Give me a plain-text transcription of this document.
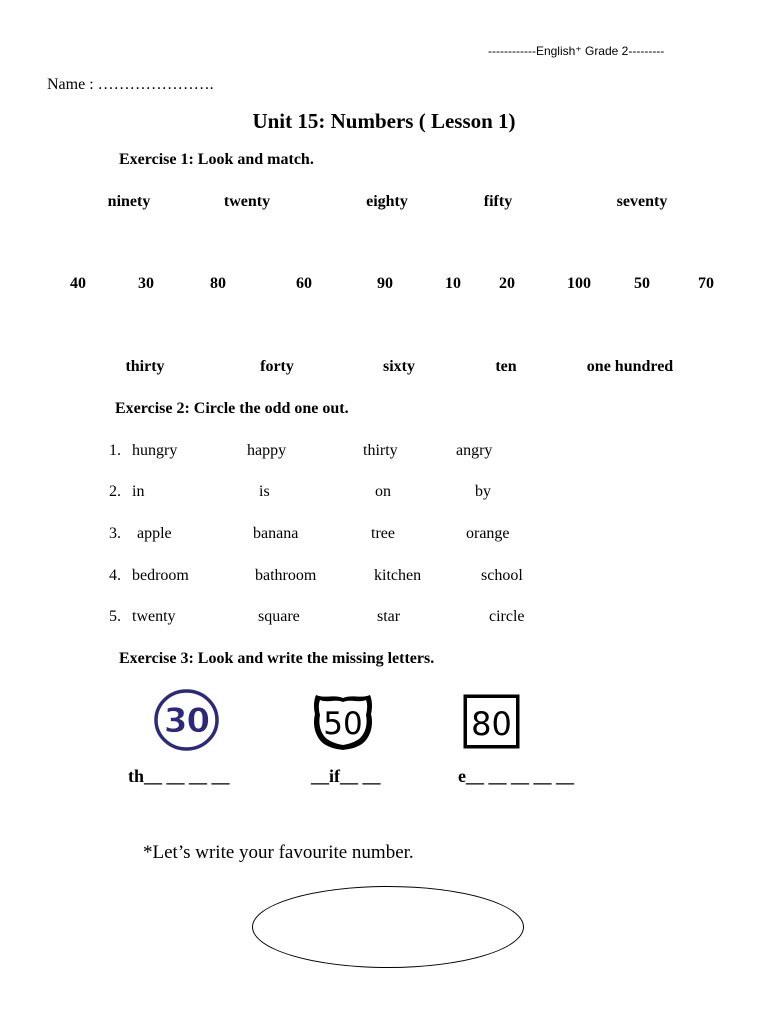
------------English⁺ Grade 2---------
Name : ………………….
Unit 15: Numbers ( Lesson 1)
Exercise 1: Look and match.
ninety	twenty	eighty	fifty	seventy
40	30	80	60	90	10 20	100	50	70
thirty	forty	sixty	ten	one hundred
Exercise 2: Circle the odd one out.
1. hungry	happy	thirty	angry
2. in	is	on	by
3. apple	banana	tree	orange
4. bedroom	bathroom	kitchen	school
5. twenty	square	star	circle
Exercise 3: Look and write the missing letters.
30	50	80
th__ __ __ __	__if__ __	e__ __ __ __ __
*Let’s write your favourite number.
